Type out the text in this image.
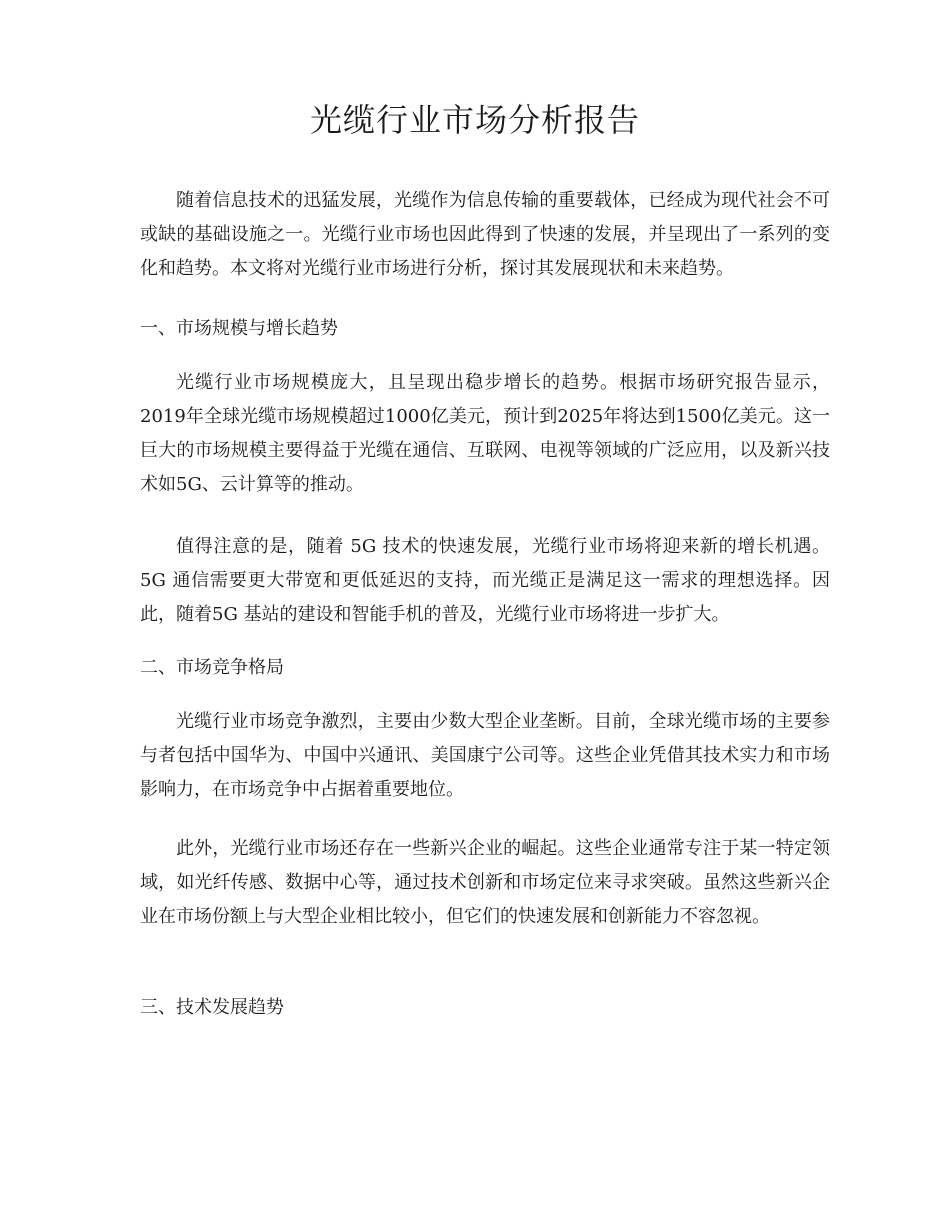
光缆行业市场分析报告

随着信息技术的迅猛发展，光缆作为信息传输的重要载体，已经成为现代社会不可或缺的基础设施之一。光缆行业市场也因此得到了快速的发展，并呈现出了一系列的变化和趋势。本文将对光缆行业市场进行分析，探讨其发展现状和未来趋势。

一、市场规模与增长趋势

光缆行业市场规模庞大，且呈现出稳步增长的趋势。根据市场研究报告显示，2019年全球光缆市场规模超过1000亿美元，预计到2025年将达到1500亿美元。这一巨大的市场规模主要得益于光缆在通信、互联网、电视等领域的广泛应用，以及新兴技术如5G、云计算等的推动。

值得注意的是，随着 5G 技术的快速发展，光缆行业市场将迎来新的增长机遇。5G 通信需要更大带宽和更低延迟的支持，而光缆正是满足这一需求的理想选择。因此，随着5G 基站的建设和智能手机的普及，光缆行业市场将进一步扩大。

二、市场竞争格局

光缆行业市场竞争激烈，主要由少数大型企业垄断。目前，全球光缆市场的主要参与者包括中国华为、中国中兴通讯、美国康宁公司等。这些企业凭借其技术实力和市场影响力，在市场竞争中占据着重要地位。

此外，光缆行业市场还存在一些新兴企业的崛起。这些企业通常专注于某一特定领域，如光纤传感、数据中心等，通过技术创新和市场定位来寻求突破。虽然这些新兴企业在市场份额上与大型企业相比较小，但它们的快速发展和创新能力不容忽视。

三、技术发展趋势
